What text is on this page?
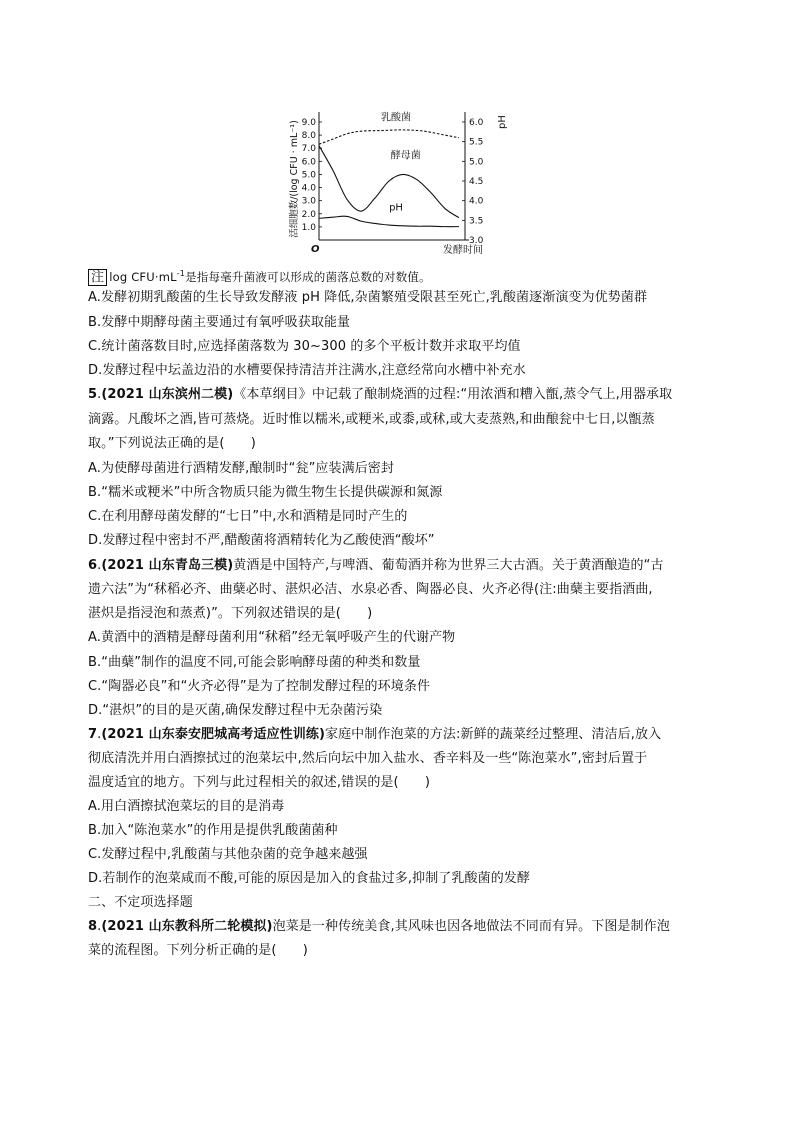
1.0
2.0
3.0
4.0
5.0
6.0
7.0
8.0
9.0
3.0
3.5
4.0
4.5
5.0
5.5
6.0
活细胞数/(log CFU · mL⁻¹)	pH
O	发酵时间
乳酸菌
酵母菌
pH
注 $\log CFU\cdot mL^{-1}$是指每毫升菌液可以形成的菌落总数的对数值。
A.发酵初期乳酸菌的生长导致发酵液 pH 降低,杂菌繁殖受限甚至死亡,乳酸菌逐渐演变为优势菌群
B.发酵中期酵母菌主要通过有氧呼吸获取能量
C.统计菌落数目时,应选择菌落数为 30~300 的多个平板计数并求取平均值
D.发酵过程中坛盖边沿的水槽要保持清洁并注满水,注意经常向水槽中补充水
5.(2021 山东滨州二模)《本草纲目》中记载了酿制烧酒的过程:“用浓酒和糟入甑,蒸令气上,用器承取
滴露。凡酸坏之酒,皆可蒸烧。近时惟以糯米,或粳米,或黍,或秫,或大麦蒸熟,和曲酿瓮中七日,以甑蒸
取。”下列说法正确的是(　　)
A.为使酵母菌进行酒精发酵,酿制时“瓮”应装满后密封
B.“糯米或粳米”中所含物质只能为微生物生长提供碳源和氮源
C.在利用酵母菌发酵的“七日”中,水和酒精是同时产生的
D.发酵过程中密封不严,醋酸菌将酒精转化为乙酸使酒“酸坏”
6.(2021 山东青岛三模)黄酒是中国特产,与啤酒、葡萄酒并称为世界三大古酒。关于黄酒酿造的“古
遗六法”为“秫稻必齐、曲蘖必时、湛炽必洁、水泉必香、陶器必良、火齐必得(注:曲蘖主要指酒曲,
湛炽是指浸泡和蒸煮)”。下列叙述错误的是(　　)
A.黄酒中的酒精是酵母菌利用“秫稻”经无氧呼吸产生的代谢产物
B.“曲蘖”制作的温度不同,可能会影响酵母菌的种类和数量
C.“陶器必良”和“火齐必得”是为了控制发酵过程的环境条件
D.“湛炽”的目的是灭菌,确保发酵过程中无杂菌污染
7.(2021 山东泰安肥城高考适应性训练)家庭中制作泡菜的方法:新鲜的蔬菜经过整理、清洁后,放入
彻底清洗并用白酒擦拭过的泡菜坛中,然后向坛中加入盐水、香辛料及一些“陈泡菜水”,密封后置于
温度适宜的地方。下列与此过程相关的叙述,错误的是(　　)
A.用白酒擦拭泡菜坛的目的是消毒
B.加入“陈泡菜水”的作用是提供乳酸菌菌种
C.发酵过程中,乳酸菌与其他杂菌的竞争越来越强
D.若制作的泡菜咸而不酸,可能的原因是加入的食盐过多,抑制了乳酸菌的发酵
二、不定项选择题
8.(2021 山东教科所二轮模拟)泡菜是一种传统美食,其风味也因各地做法不同而有异。下图是制作泡
菜的流程图。下列分析正确的是(　　)
